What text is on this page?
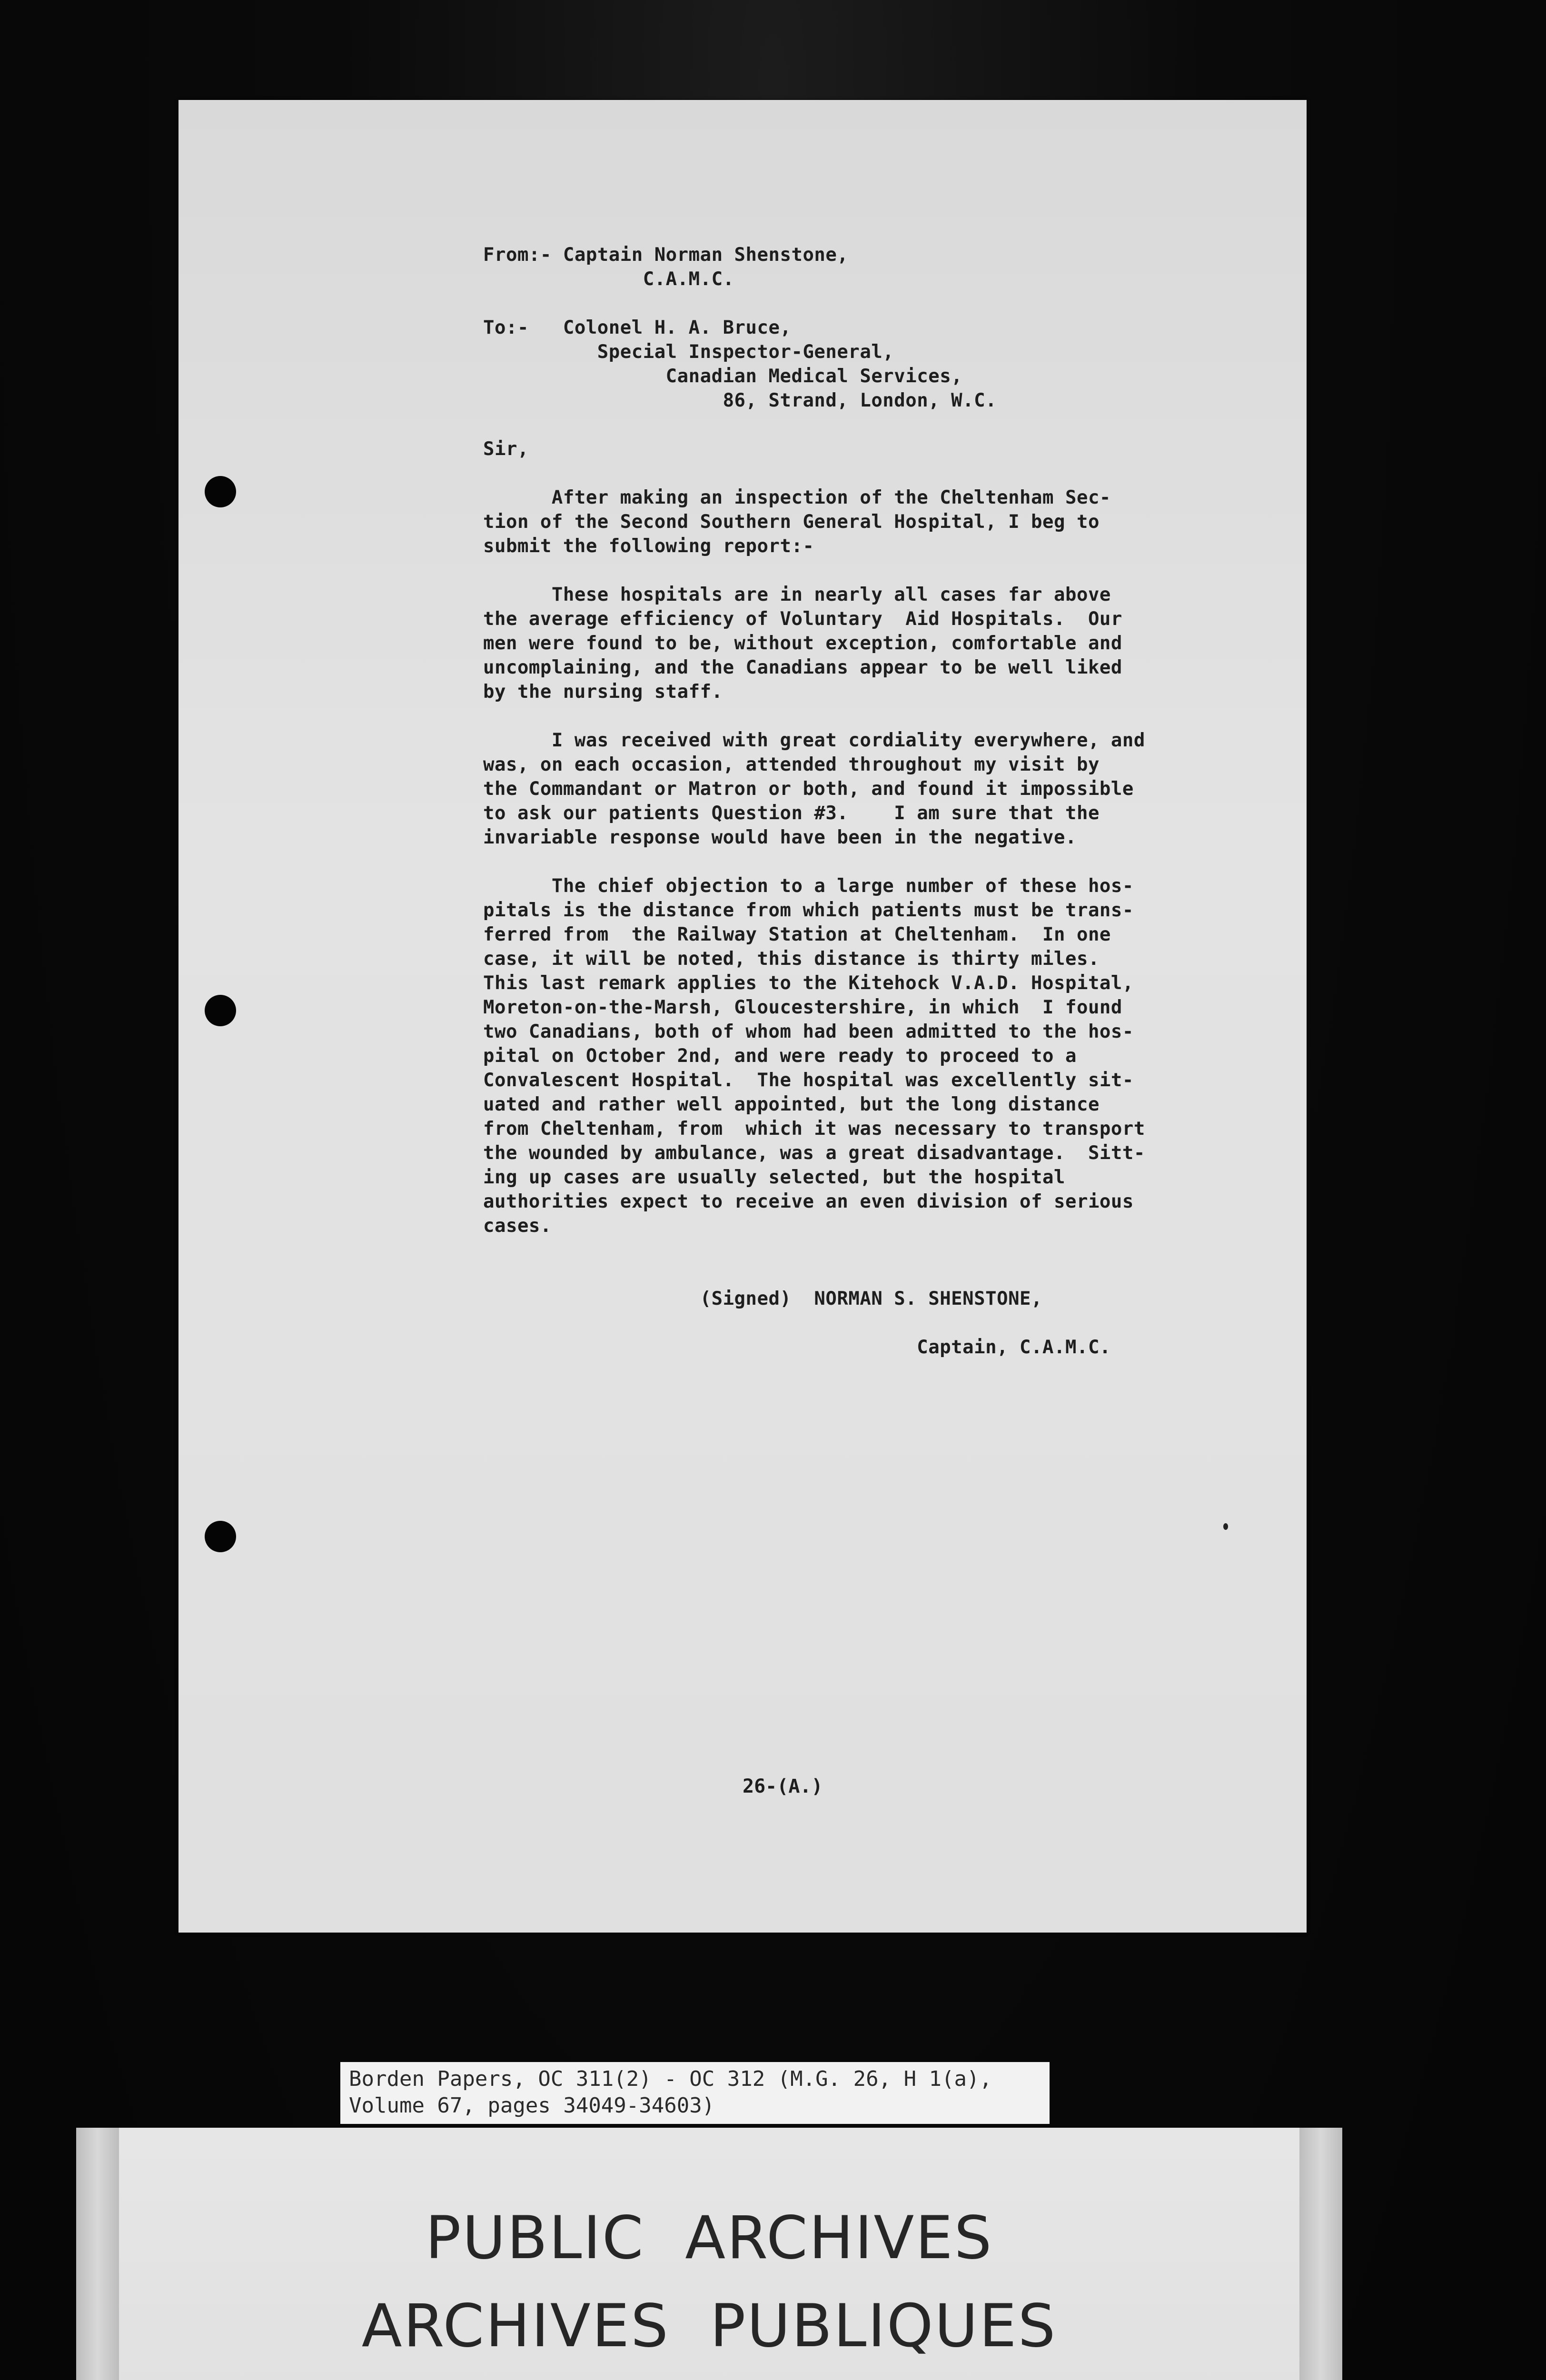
From:- Captain Norman Shenstone,
C.A.M.C.
To:-   Colonel H. A. Bruce,
Special Inspector-General,
Canadian Medical Services,
86, Strand, London, W.C.
Sir,
After making an inspection of the Cheltenham Sec-
tion of the Second Southern General Hospital, I beg to
submit the following report:-
These hospitals are in nearly all cases far above
the average efficiency of Voluntary  Aid Hospitals.  Our
men were found to be, without exception, comfortable and
uncomplaining, and the Canadians appear to be well liked
by the nursing staff.
I was received with great cordiality everywhere, and
was, on each occasion, attended throughout my visit by
the Commandant or Matron or both, and found it impossible
to ask our patients Question #3.    I am sure that the
invariable response would have been in the negative.
The chief objection to a large number of these hos-
pitals is the distance from which patients must be trans-
ferred from  the Railway Station at Cheltenham.  In one
case, it will be noted, this distance is thirty miles.
This last remark applies to the Kitehock V.A.D. Hospital,
Moreton-on-the-Marsh, Gloucestershire, in which  I found
two Canadians, both of whom had been admitted to the hos-
pital on October 2nd, and were ready to proceed to a
Convalescent Hospital.  The hospital was excellently sit-
uated and rather well appointed, but the long distance
from Cheltenham, from  which it was necessary to transport
the wounded by ambulance, was a great disadvantage.  Sitt-
ing up cases are usually selected, but the hospital
authorities expect to receive an even division of serious
cases.
(Signed)  NORMAN S. SHENSTONE,
Captain, C.A.M.C.
26-(A.)
Borden Papers, OC 311(2) - OC 312 (M.G. 26, H 1(a),
Volume 67, pages 34049-34603)
PUBLIC  ARCHIVES
ARCHIVES  PUBLIQUES
